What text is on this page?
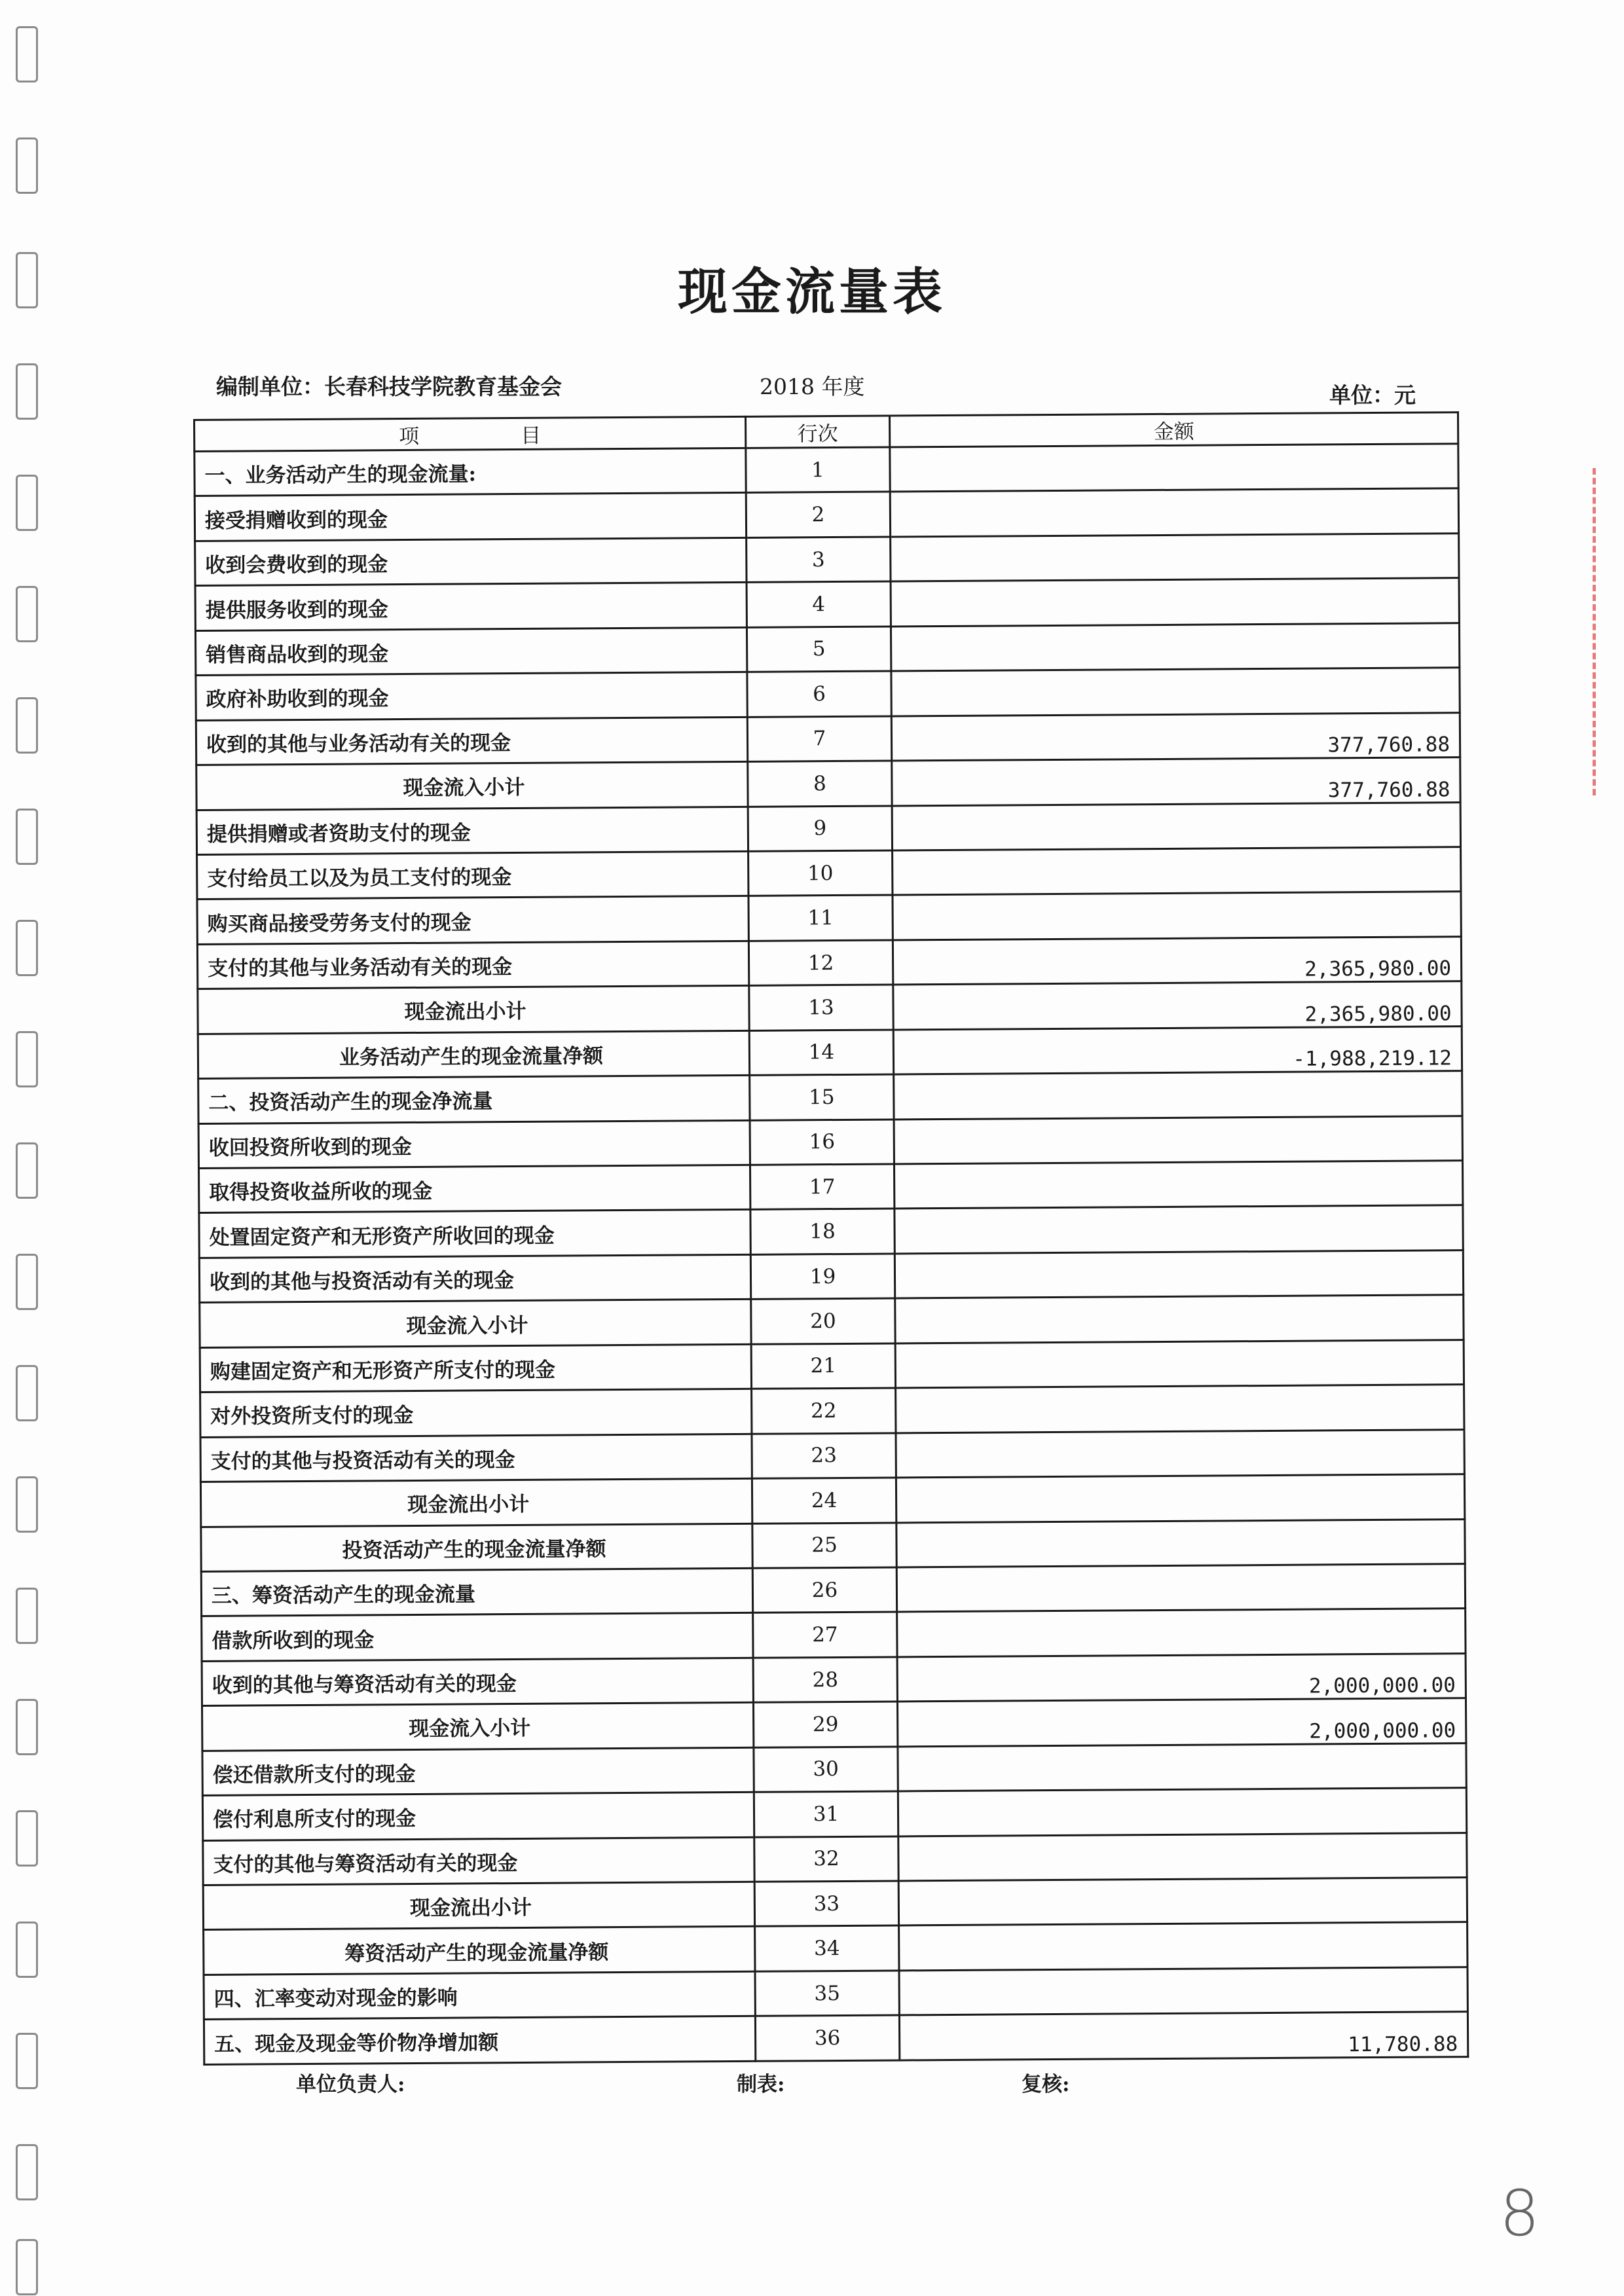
现金流量表
编制单位：长春科技学院教育基金会	2018 年度	单位：元
项　　　　　目	行次	金额
一、业务活动产生的现金流量:	1	
接受捐赠收到的现金	2	
收到会费收到的现金	3	
提供服务收到的现金	4	
销售商品收到的现金	5	
政府补助收到的现金	6	
收到的其他与业务活动有关的现金	7	377,760.88
现金流入小计	8	377,760.88
提供捐赠或者资助支付的现金	9	
支付给员工以及为员工支付的现金	10	
购买商品接受劳务支付的现金	11	
支付的其他与业务活动有关的现金	12	2,365,980.00
现金流出小计	13	2,365,980.00
业务活动产生的现金流量净额	14	-1,988,219.12
二、投资活动产生的现金净流量	15	
收回投资所收到的现金	16	
取得投资收益所收的现金	17	
处置固定资产和无形资产所收回的现金	18	
收到的其他与投资活动有关的现金	19	
现金流入小计	20	
购建固定资产和无形资产所支付的现金	21	
对外投资所支付的现金	22	
支付的其他与投资活动有关的现金	23	
现金流出小计	24	
投资活动产生的现金流量净额	25	
三、筹资活动产生的现金流量	26	
借款所收到的现金	27	
收到的其他与筹资活动有关的现金	28	2,000,000.00
现金流入小计	29	2,000,000.00
偿还借款所支付的现金	30	
偿付利息所支付的现金	31	
支付的其他与筹资活动有关的现金	32	
现金流出小计	33	
筹资活动产生的现金流量净额	34	
四、汇率变动对现金的影响	35	
五、现金及现金等价物净增加额	36	11,780.88
单位负责人:	制表:	复核:
8
